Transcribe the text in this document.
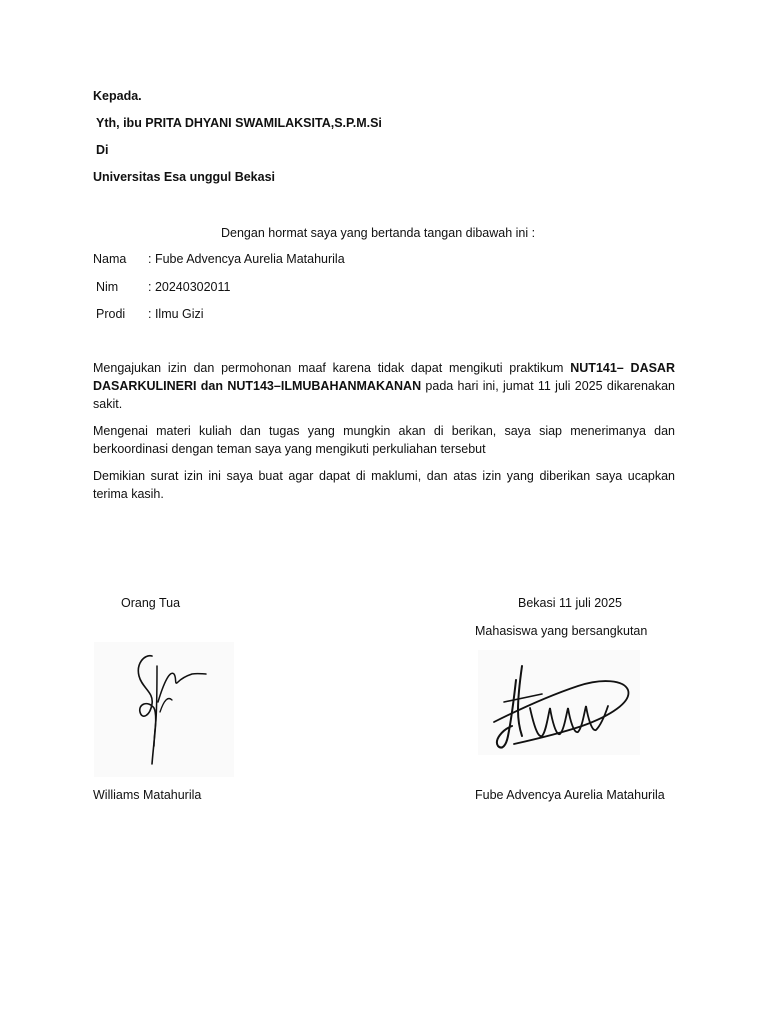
Kepada.
Yth, ibu PRITA DHYANI SWAMILAKSITA,S.P.M.Si
Di
Universitas Esa unggul Bekasi
Dengan hormat saya yang bertanda tangan dibawah ini :
Nama : Fube Advencya Aurelia Matahurila
Nim : 20240302011
Prodi : Ilmu Gizi
Mengajukan izin dan permohonan maaf karena tidak dapat mengikuti praktikum NUT141– DASAR DASARKULINERI dan NUT143–ILMUBAHANMAKANAN pada hari ini, jumat 11 juli 2025 dikarenakan sakit.
Mengenai materi kuliah dan tugas yang mungkin akan di berikan, saya siap menerimanya dan berkoordinasi dengan teman saya yang mengikuti perkuliahan tersebut
Demikian surat izin ini saya buat agar dapat di maklumi, dan atas izin yang diberikan saya ucapkan terima kasih.
Orang Tua	Bekasi 11 juli 2025
Mahasiswa yang bersangkutan
Williams Matahurila	Fube Advencya Aurelia Matahurila
